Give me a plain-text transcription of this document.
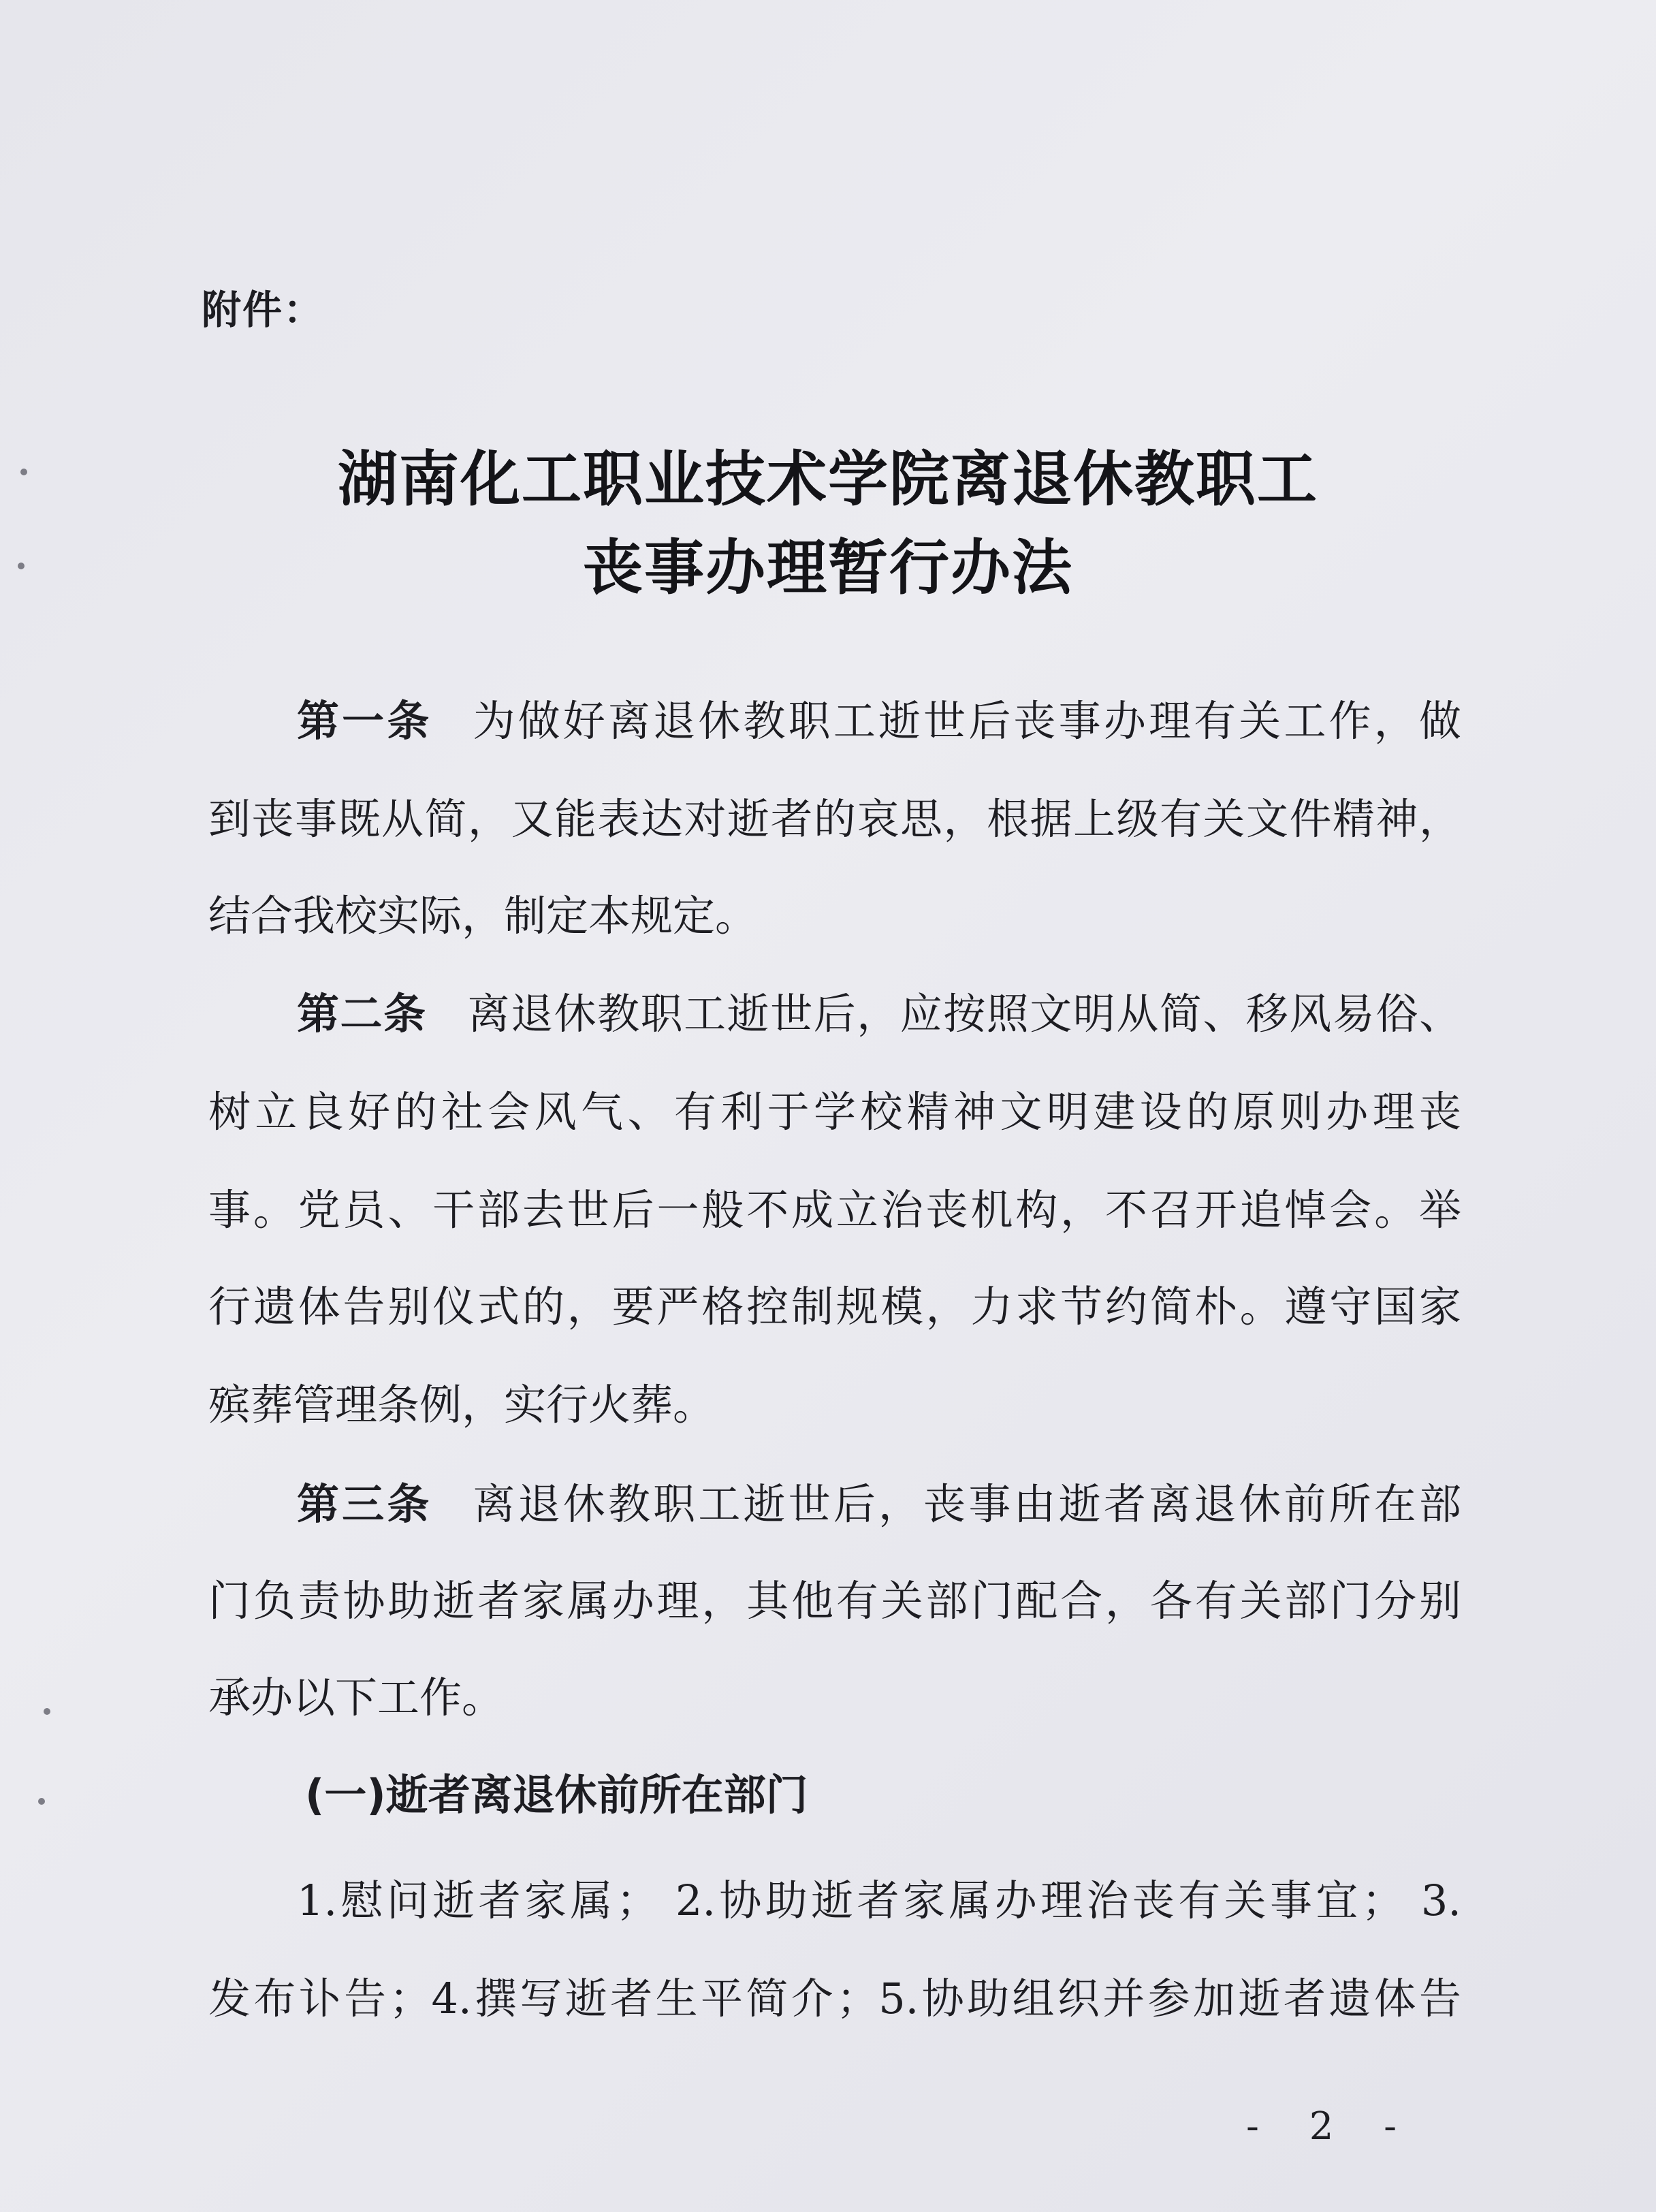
附件：
湖南化工职业技术学院离退休教职工
丧事办理暂行办法
第一条 为做好离退休教职工逝世后丧事办理有关工作，做
到丧事既从简，又能表达对逝者的哀思，根据上级有关文件精神，
结合我校实际，制定本规定。
第二条 离退休教职工逝世后，应按照文明从简、移风易俗、
树立良好的社会风气、有利于学校精神文明建设的原则办理丧
事。党员、干部去世后一般不成立治丧机构，不召开追悼会。举
行遗体告别仪式的，要严格控制规模，力求节约简朴。遵守国家
殡葬管理条例，实行火葬。
第三条 离退休教职工逝世后，丧事由逝者离退休前所在部
门负责协助逝者家属办理，其他有关部门配合，各有关部门分别
承办以下工作。
(一)逝者离退休前所在部门
1.慰问逝者家属； 2.协助逝者家属办理治丧有关事宜； 3.
发布讣告；4.撰写逝者生平简介；5.协助组织并参加逝者遗体告
- 2 -
